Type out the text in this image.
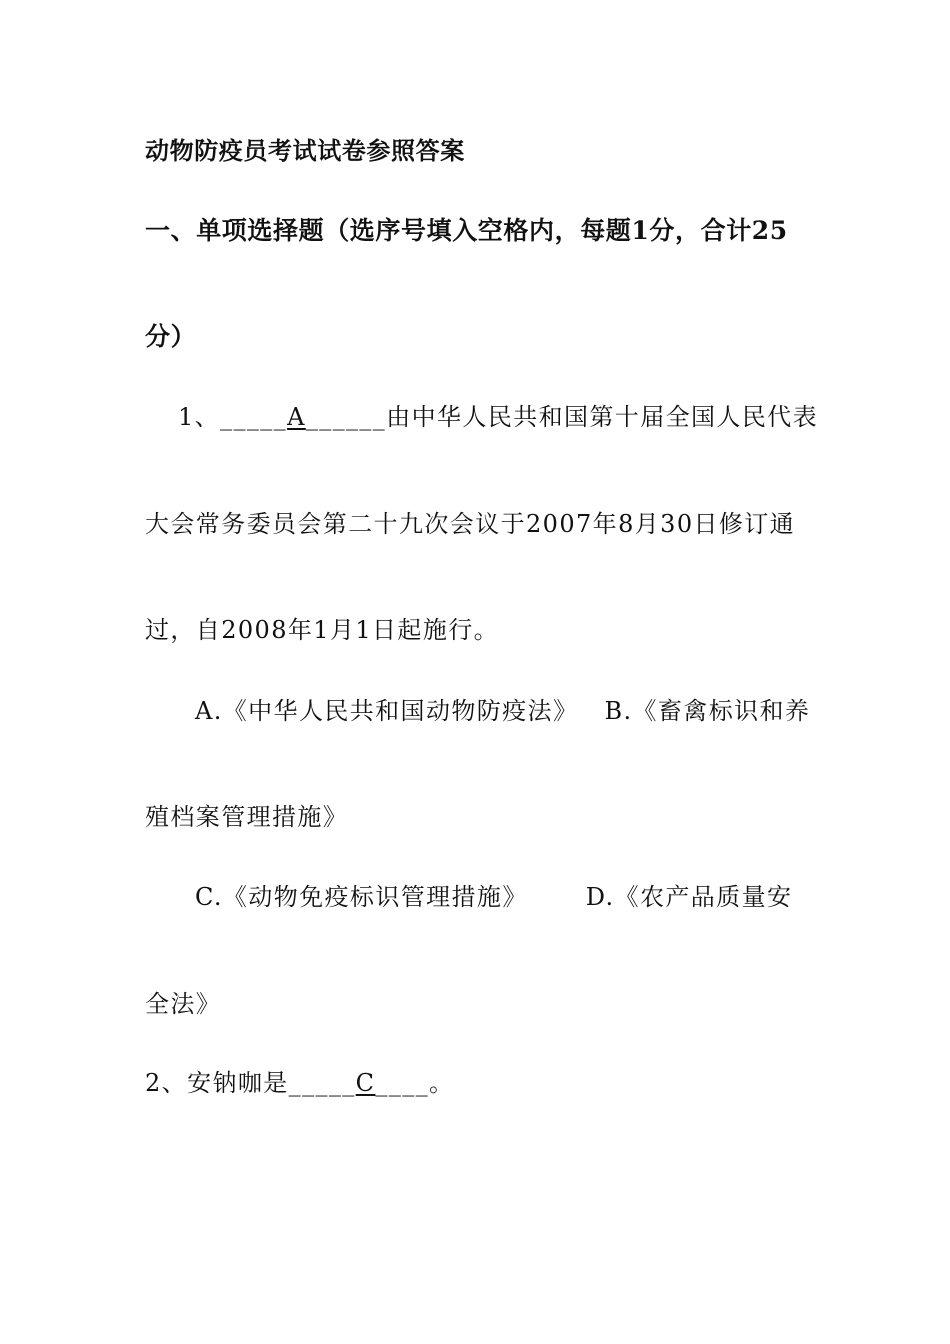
动物防疫员考试试卷参照答案
一、单项选择题（选序号填入空格内，每题1分，合计25
分）
1、_____A______由中华人民共和国第十届全国人民代表
大会常务委员会第二十九次会议于2007年8月30日修订通
过，自2008年1月1日起施行。
A.《中华人民共和国动物防疫法》 B.《畜禽标识和养
殖档案管理措施》
C.《动物免疫标识管理措施》 D.《农产品质量安
全法》
2、安钠咖是_____C____。
